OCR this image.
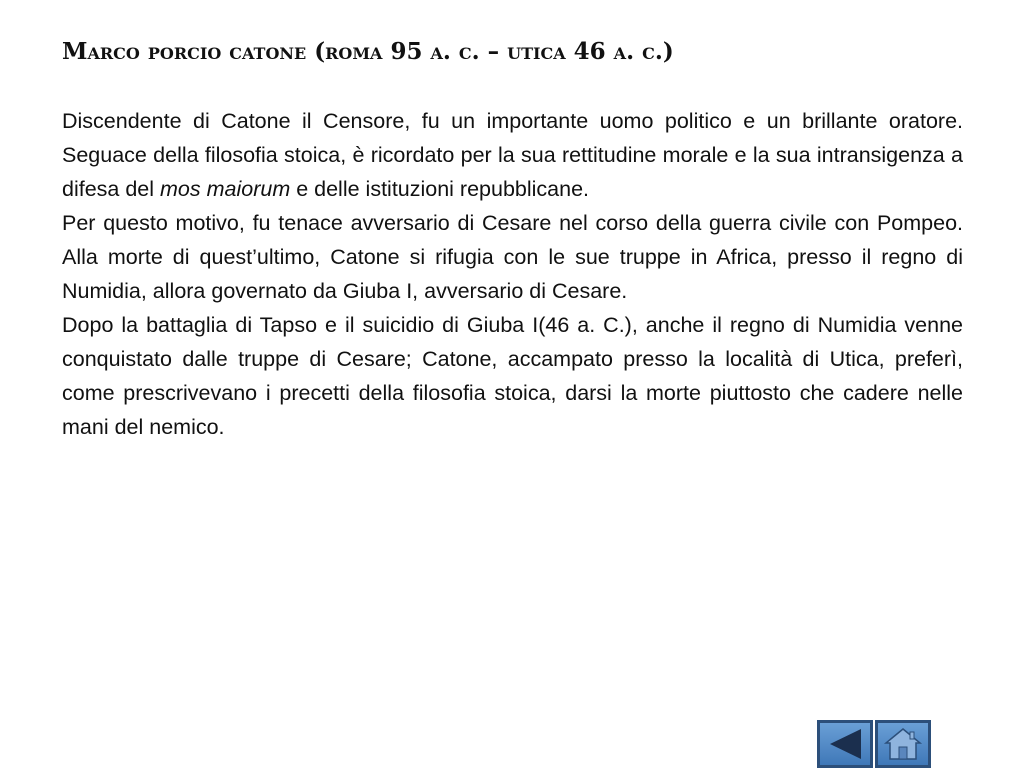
Marco porcio catone (roma 95 a. c. – utica 46 a. c.)

Discendente di Catone il Censore, fu un importante uomo politico e un brillante oratore. Seguace della filosofia stoica, è ricordato per la sua rettitudine morale e la sua intransigenza a difesa del mos maiorum e delle istituzioni repubblicane.

Per questo motivo, fu tenace avversario di Cesare nel corso della guerra civile con Pompeo. Alla morte di quest’ultimo, Catone si rifugia con le sue truppe in Africa, presso il regno di Numidia, allora governato da Giuba I, avversario di Cesare.

Dopo la battaglia di Tapso e il suicidio di Giuba I(46 a. C.), anche il regno di Numidia venne conquistato dalle truppe di Cesare; Catone, accampato presso la località di Utica, preferì, come prescrivevano i precetti della filosofia stoica, darsi la morte piuttosto che cadere nelle mani del nemico.
